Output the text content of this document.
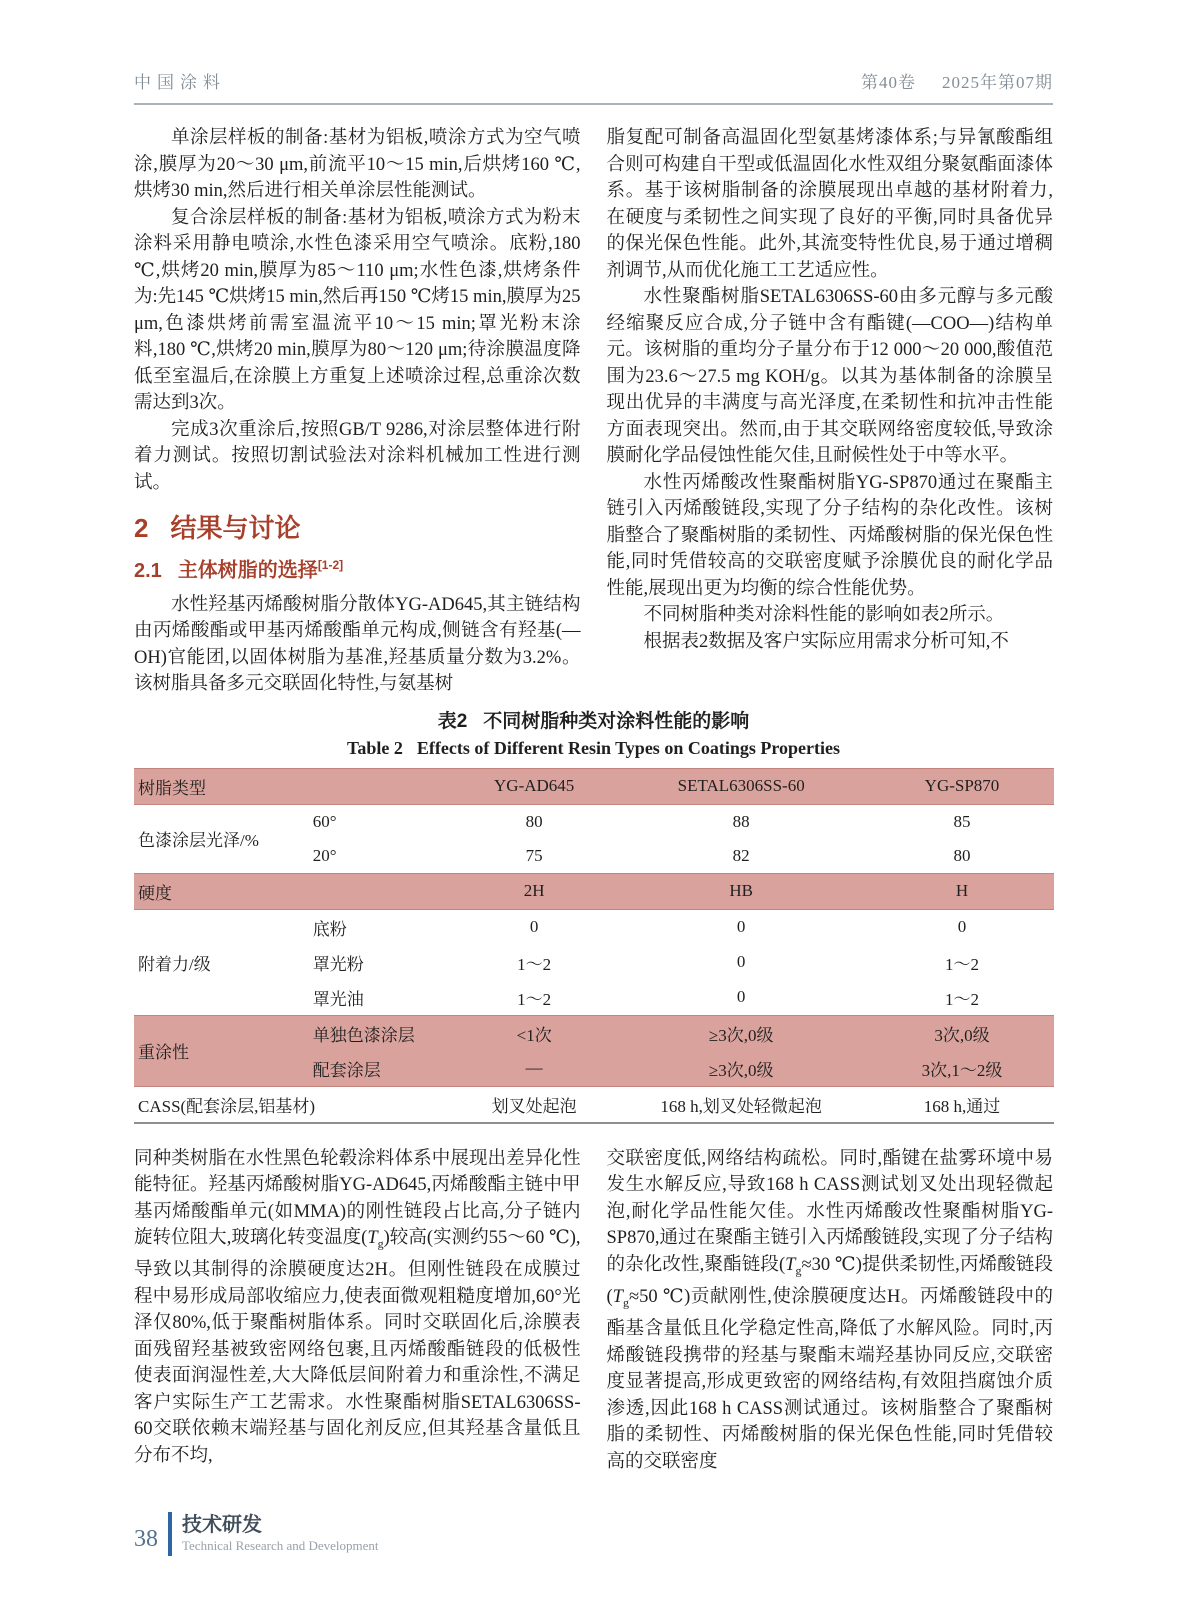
中国涂料	第40卷 2025年第07期

单涂层样板的制备:基材为铝板,喷涂方式为空气喷涂,膜厚为20～30 μm,前流平10～15 min,后烘烤160 ℃,烘烤30 min,然后进行相关单涂层性能测试。

复合涂层样板的制备:基材为铝板,喷涂方式为粉末涂料采用静电喷涂,水性色漆采用空气喷涂。底粉,180 ℃,烘烤20 min,膜厚为85～110 μm;水性色漆,烘烤条件为:先145 ℃烘烤15 min,然后再150 ℃烤15 min,膜厚为25 μm,色漆烘烤前需室温流平10～15 min;罩光粉末涂料,180 ℃,烘烤20 min,膜厚为80～120 μm;待涂膜温度降低至室温后,在涂膜上方重复上述喷涂过程,总重涂次数需达到3次。

完成3次重涂后,按照GB/T 9286,对涂层整体进行附着力测试。按照切割试验法对涂料机械加工性进行测试。

2 结果与讨论
2.1 主体树脂的选择[1-2]

水性羟基丙烯酸树脂分散体YG-AD645,其主链结构由丙烯酸酯或甲基丙烯酸酯单元构成,侧链含有羟基(—OH)官能团,以固体树脂为基准,羟基质量分数为3.2%。该树脂具备多元交联固化特性,与氨基树

脂复配可制备高温固化型氨基烤漆体系;与异氰酸酯组合则可构建自干型或低温固化水性双组分聚氨酯面漆体系。基于该树脂制备的涂膜展现出卓越的基材附着力,在硬度与柔韧性之间实现了良好的平衡,同时具备优异的保光保色性能。此外,其流变特性优良,易于通过增稠剂调节,从而优化施工工艺适应性。

水性聚酯树脂SETAL6306SS-60由多元醇与多元酸经缩聚反应合成,分子链中含有酯键(—COO—)结构单元。该树脂的重均分子量分布于12 000～20 000,酸值范围为23.6～27.5 mg KOH/g。以其为基体制备的涂膜呈现出优异的丰满度与高光泽度,在柔韧性和抗冲击性能方面表现突出。然而,由于其交联网络密度较低,导致涂膜耐化学品侵蚀性能欠佳,且耐候性处于中等水平。

水性丙烯酸改性聚酯树脂YG-SP870通过在聚酯主链引入丙烯酸链段,实现了分子结构的杂化改性。该树脂整合了聚酯树脂的柔韧性、丙烯酸树脂的保光保色性能,同时凭借较高的交联密度赋予涂膜优良的耐化学品性能,展现出更为均衡的综合性能优势。

不同树脂种类对涂料性能的影响如表2所示。

根据表2数据及客户实际应用需求分析可知,不

表2 不同树脂种类对涂料性能的影响
Table 2 Effects of Different Resin Types on Coatings Properties
树脂类型		YG-AD645	SETAL6306SS-60	YG-SP870
色漆涂层光泽/%	60°	80	88	85
	20°	75	82	80
硬度		2H	HB	H
附着力/级	底粉	0	0	0
	罩光粉	1～2	0	1～2
	罩光油	1～2	0	1～2
重涂性	单独色漆涂层	<1次	≥3次,0级	3次,0级
	配套涂层	—	≥3次,0级	3次,1～2级
CASS(配套涂层,铝基材)		划叉处起泡	168 h,划叉处轻微起泡	168 h,通过

同种类树脂在水性黑色轮毂涂料体系中展现出差异化性能特征。羟基丙烯酸树脂YG-AD645,丙烯酸酯主链中甲基丙烯酸酯单元(如MMA)的刚性链段占比高,分子链内旋转位阻大,玻璃化转变温度$(T_g)$较高(实测约55～60 ℃),导致以其制得的涂膜硬度达2H。但刚性链段在成膜过程中易形成局部收缩应力,使表面微观粗糙度增加,60°光泽仅80%,低于聚酯树脂体系。同时交联固化后,涂膜表面残留羟基被致密网络包裹,且丙烯酸酯链段的低极性使表面润湿性差,大大降低层间附着力和重涂性,不满足客户实际生产工艺需求。水性聚酯树脂SETAL6306SS-60交联依赖末端羟基与固化剂反应,但其羟基含量低且分布不均,

交联密度低,网络结构疏松。同时,酯键在盐雾环境中易发生水解反应,导致168 h CASS测试划叉处出现轻微起泡,耐化学品性能欠佳。水性丙烯酸改性聚酯树脂YG-SP870,通过在聚酯主链引入丙烯酸链段,实现了分子结构的杂化改性,聚酯链段($T_g\approx 30$ ℃)提供柔韧性,丙烯酸链段($T_g\approx 50$ ℃)贡献刚性,使涂膜硬度达H。丙烯酸链段中的酯基含量低且化学稳定性高,降低了水解风险。同时,丙烯酸链段携带的羟基与聚酯末端羟基协同反应,交联密度显著提高,形成更致密的网络结构,有效阻挡腐蚀介质渗透,因此168 h CASS测试通过。该树脂整合了聚酯树脂的柔韧性、丙烯酸树脂的保光保色性能,同时凭借较高的交联密度

38
技术研发
Technical Research and Development
